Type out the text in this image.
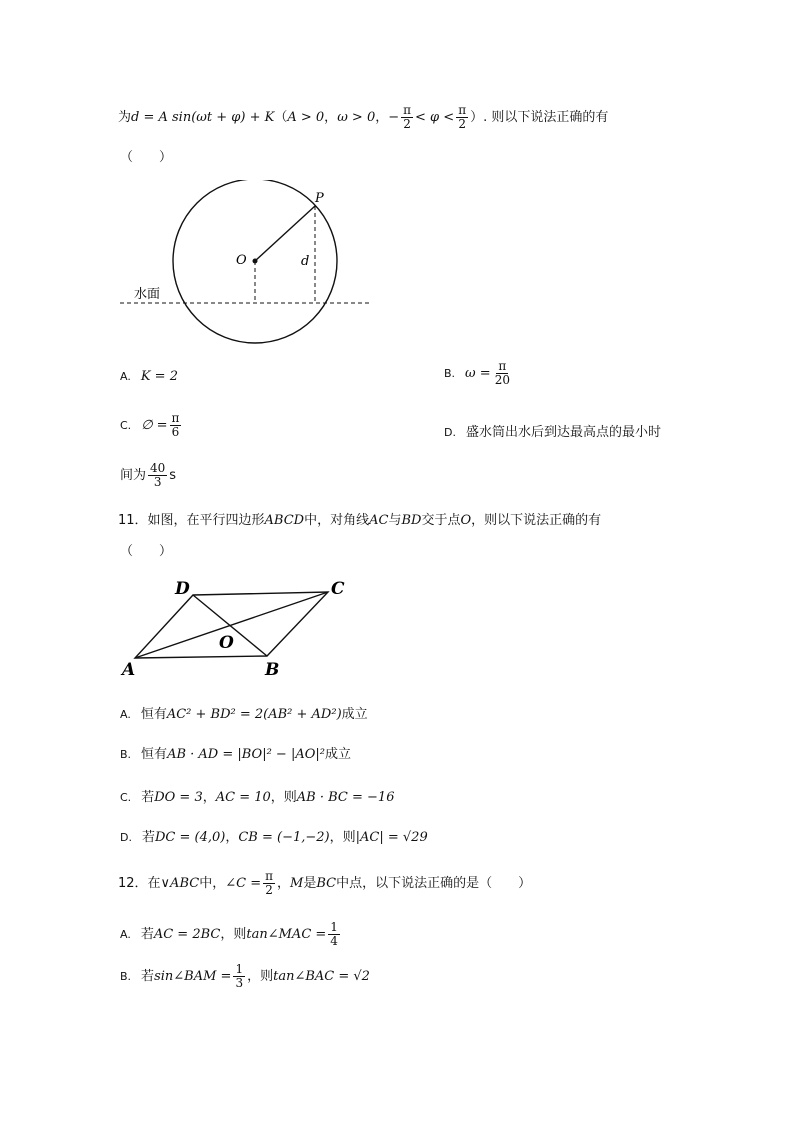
为d = A sin(ωt + φ) + K（A > 0，ω > 0，− $\frac{\pi}{2} < \varphi < \frac{\pi}{2}$ ）. 则以下说法正确的有
（　　）
P
O	d
水面
A. K = 2	B. $\omega = \frac{\pi}{20}$
C. ∅ = $\frac{\pi}{6}$	D. 盛水筒出水后到达最高点的最小时
间为 $\frac{40}{3}$ s
11．如图，在平行四边形ABCD中，对角线AC与BD交于点O，则以下说法正确的有
（　　）
A	B
C
D
O
A. 恒有AC² + BD² = 2(AB² + AD²)成立
B. 恒有AB · AD = |BO|² − |AO|²成立
C. 若DO = 3，AC = 10，则AB · BC = −16
D. 若DC = (4,0)，CB = (−1,−2)，则|AC| = √29
12．在∨ABC中，∠C = $\frac{\pi}{2}$ ，M是BC中点，以下说法正确的是（　　）
A. 若AC = 2BC，则tan∠MAC = $\frac{1}{4}$
B. 若sin∠BAM = $\frac{1}{3}$ ，则tan∠BAC = √2
